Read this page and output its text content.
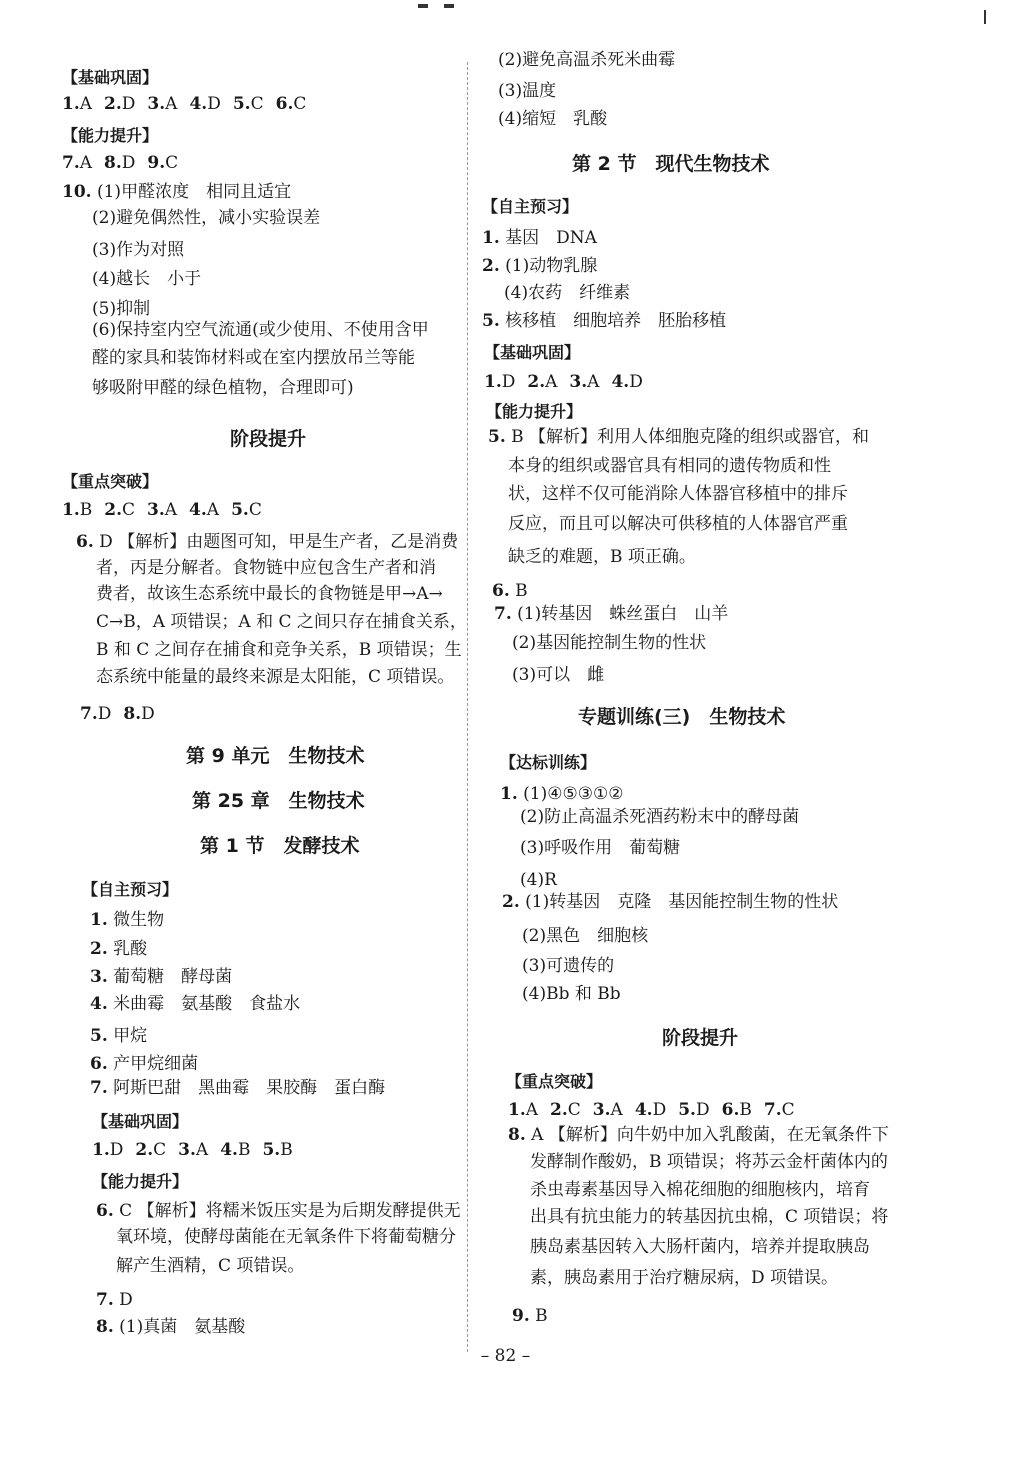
【基础巩固】
1.A 2.D 3.A 4.D 5.C 6.C
【能力提升】
7.A 8.D 9.C
10. (1)甲醛浓度　相同且适宜
(2)避免偶然性，减小实验误差
(3)作为对照
(4)越长　小于
(5)抑制
(6)保持室内空气流通(或少使用、不使用含甲
醛的家具和装饰材料或在室内摆放吊兰等能
够吸附甲醛的绿色植物，合理即可)
阶段提升
【重点突破】
1.B 2.C 3.A 4.A 5.C
6. D 【解析】由题图可知，甲是生产者，乙是消费
者，丙是分解者。食物链中应包含生产者和消
费者，故该生态系统中最长的食物链是甲→A→
C→B，A 项错误；A 和 C 之间只存在捕食关系，
B 和 C 之间存在捕食和竞争关系，B 项错误；生
态系统中能量的最终来源是太阳能，C 项错误。
7.D 8.D
第 9 单元　生物技术
第 25 章　生物技术
第 1 节　发酵技术
【自主预习】
1. 微生物
2. 乳酸
3. 葡萄糖　酵母菌
4. 米曲霉　氨基酸　食盐水
5. 甲烷
6. 产甲烷细菌
7. 阿斯巴甜　黑曲霉　果胶酶　蛋白酶
【基础巩固】
1.D 2.C 3.A 4.B 5.B
【能力提升】
6. C 【解析】将糯米饭压实是为后期发酵提供无
氧环境，使酵母菌能在无氧条件下将葡萄糖分
解产生酒精，C 项错误。
7. D
8. (1)真菌　氨基酸
(2)避免高温杀死米曲霉
(3)温度
(4)缩短　乳酸
第 2 节　现代生物技术
【自主预习】
1. 基因　DNA
2. (1)动物乳腺
(4)农药　纤维素
5. 核移植　细胞培养　胚胎移植
【基础巩固】
1.D 2.A 3.A 4.D
【能力提升】
5. B 【解析】利用人体细胞克隆的组织或器官，和
本身的组织或器官具有相同的遗传物质和性
状，这样不仅可能消除人体器官移植中的排斥
反应，而且可以解决可供移植的人体器官严重
缺乏的难题，B 项正确。
6. B
7. (1)转基因　蛛丝蛋白　山羊
(2)基因能控制生物的性状
(3)可以　雌
专题训练(三)　生物技术
【达标训练】
1. (1)④⑤③①②
(2)防止高温杀死酒药粉末中的酵母菌
(3)呼吸作用　葡萄糖
(4)R
2. (1)转基因　克隆　基因能控制生物的性状
(2)黑色　细胞核
(3)可遗传的
(4)Bb 和 Bb
阶段提升
【重点突破】
1.A 2.C 3.A 4.D 5.D 6.B 7.C
8. A 【解析】向牛奶中加入乳酸菌，在无氧条件下
发酵制作酸奶，B 项错误；将苏云金杆菌体内的
杀虫毒素基因导入棉花细胞的细胞核内，培育
出具有抗虫能力的转基因抗虫棉，C 项错误；将
胰岛素基因转入大肠杆菌内，培养并提取胰岛
素，胰岛素用于治疗糖尿病，D 项错误。
9. B
– 82 –
